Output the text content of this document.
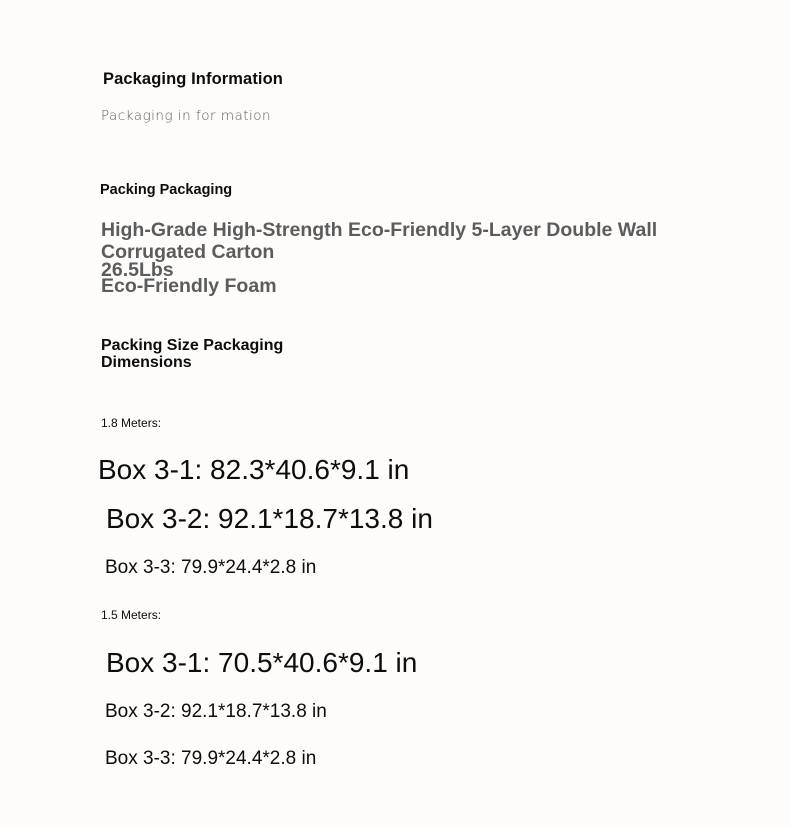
Packaging Information

Packaging in for mation

Packing Packaging

High-Grade High-Strength Eco-Friendly 5-Layer Double Wall Corrugated Carton

26.5Lbs

Eco-Friendly Foam

Packing Size Packaging Dimensions

1.8 Meters:

Box 3-1: 82.3*40.6*9.1 in

Box 3-2: 92.1*18.7*13.8 in

Box 3-3: 79.9*24.4*2.8 in

1.5 Meters:

Box 3-1: 70.5*40.6*9.1 in

Box 3-2: 92.1*18.7*13.8 in

Box 3-3: 79.9*24.4*2.8 in
